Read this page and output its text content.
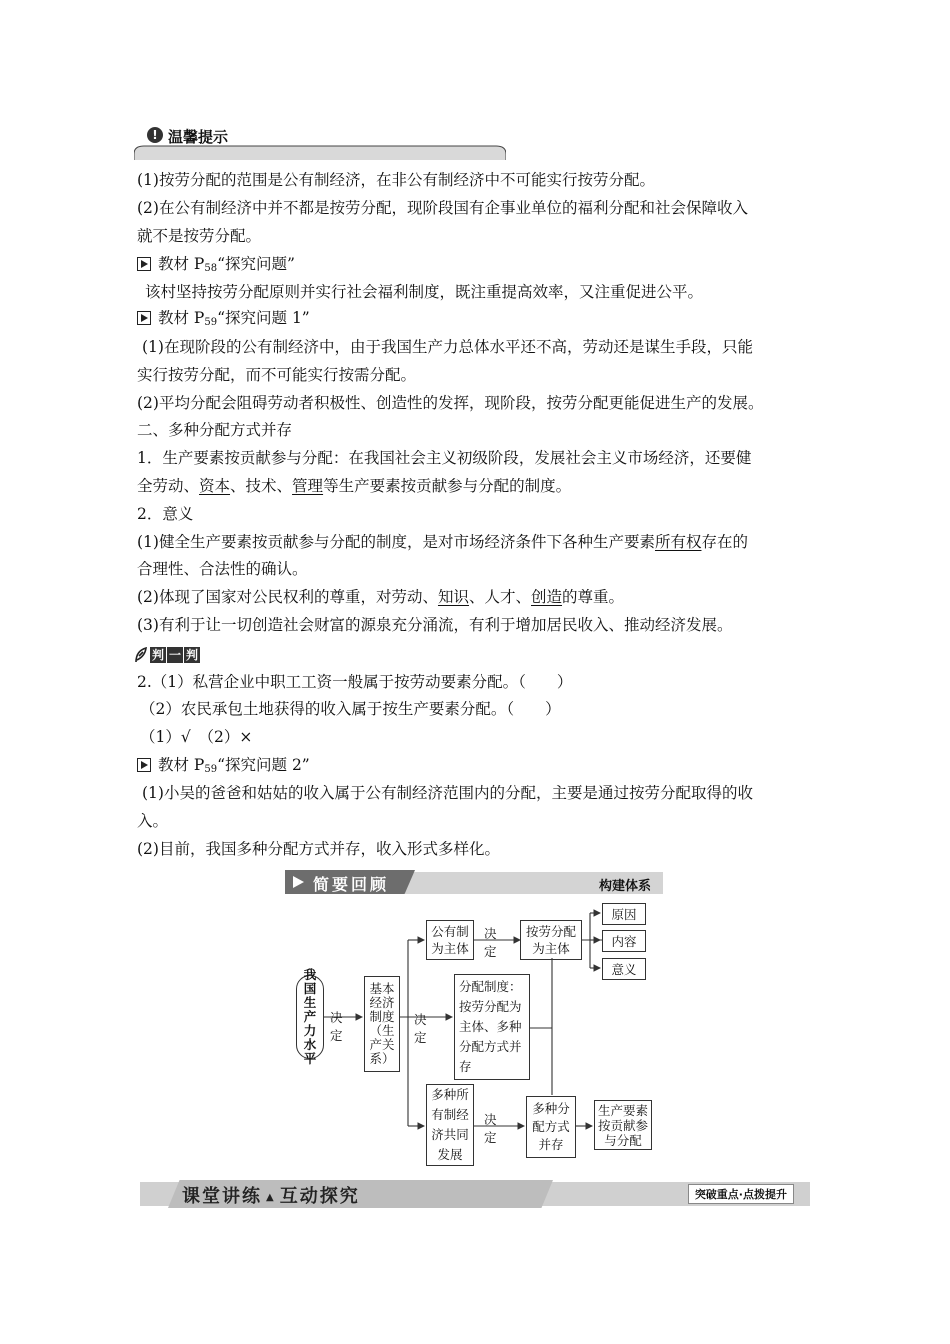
! 温馨提示
(1)按劳分配的范围是公有制经济，在非公有制经济中不可能实行按劳分配。
(2)在公有制经济中并不都是按劳分配，现阶段国有企事业单位的福利分配和社会保障收入
就不是按劳分配。
教材 $P_{58}“$探究问题”
该村坚持按劳分配原则并实行社会福利制度，既注重提高效率，又注重促进公平。
教材 $P_{59}“$探究问题 1”
(1)在现阶段的公有制经济中，由于我国生产力总体水平还不高，劳动还是谋生手段，只能
实行按劳分配，而不可能实行按需分配。
(2)平均分配会阻碍劳动者积极性、创造性的发挥，现阶段，按劳分配更能促进生产的发展。
二、多种分配方式并存
1．生产要素按贡献参与分配：在我国社会主义初级阶段，发展社会主义市场经济，还要健
全劳动、资本、技术、管理等生产要素按贡献参与分配的制度。
2．意义
(1)健全生产要素按贡献参与分配的制度，是对市场经济条件下各种生产要素所有权存在的
合理性、合法性的确认。
(2)体现了国家对公民权利的尊重，对劳动、知识、人才、创造的尊重。
(3)有利于让一切创造社会财富的源泉充分涌流，有利于增加居民收入、推动经济发展。
判 一 判
2.（1）私营企业中职工工资一般属于按劳动要素分配。（　　）
（2）农民承包土地获得的收入属于按生产要素分配。（　　）
（1）√　（2）×
教材 $P_{59}“$探究问题 2”
(1)小吴的爸爸和姑姑的收入属于公有制经济范围内的分配，主要是通过按劳分配取得的收
入。
(2)目前，我国多种分配方式并存，收入形式多样化。
简要回顾	构建体系
我国生产力水平
决定
基本经济制度（生产关系）
决定
公有制为主体
决定
按劳分配为主体
原因
内容
意义
分配制度：按劳分配为主体、多种分配方式并存
多种所有制经济共同发展
决定
多种分配方式并存
生产要素按贡献参与分配
课堂讲练 ▲ 互动探究	突破重点·点拨提升
